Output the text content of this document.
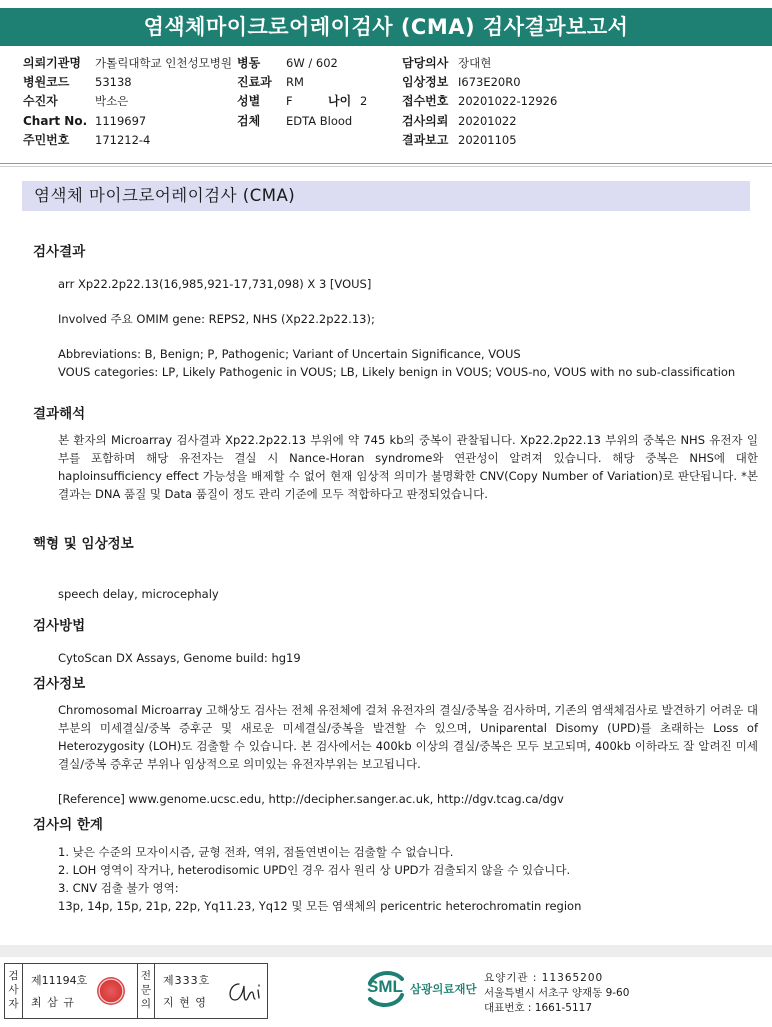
염색체마이크로어레이검사 (CMA) 검사결과보고서
의뢰기관명 가톨릭대학교 인천성모병원
병원코드 53138
수진자	박소은
Chart No. 1119697
주민번호 171212-4
병동 6W / 602
진료과 RM
성별 F	나이 2
검체 EDTA Blood
담당의사 장대현
임상정보 I673E20R0
접수번호 20201022-12926
검사의뢰 20201022
결과보고 20201105
염색체 마이크로어레이검사 (CMA)
검사결과
arr Xp22.2p22.13(16,985,921-17,731,098) X 3 [VOUS]
Involved 주요 OMIM gene: REPS2, NHS (Xp22.2p22.13);
Abbreviations: B, Benign; P, Pathogenic; Variant of Uncertain Significance, VOUS
VOUS categories: LP, Likely Pathogenic in VOUS; LB, Likely benign in VOUS; VOUS-no, VOUS with no sub-classification
결과해석
본 환자의 Microarray 검사결과 Xp22.2p22.13 부위에 약 745 kb의 중복이 관찰됩니다. Xp22.2p22.13 부위의 중복은 NHS 유전자 일부를 포함하며 해당 유전자는 결실 시 Nance-Horan syndrome와 연관성이 알려져 있습니다. 해당 중복은 NHS에 대한 haploinsufficiency effect 가능성을 배제할 수 없어 현재 임상적 의미가 불명확한 CNV(Copy Number of Variation)로 판단됩니다. *본 결과는 DNA 품질 및 Data 품질이 정도 관리 기준에 모두 적합하다고 판정되었습니다.
핵형 및 임상정보
speech delay, microcephaly
검사방법
CytoScan DX Assays, Genome build: hg19
검사정보
Chromosomal Microarray 고해상도 검사는 전체 유전체에 걸쳐 유전자의 결실/중복을 검사하며, 기존의 염색체검사로 발견하기 어려운 대부분의 미세결실/중복 증후군 및 새로운 미세결실/중복을 발견할 수 있으며, Uniparental Disomy (UPD)를 초래하는 Loss of Heterozygosity (LOH)도 검출할 수 있습니다. 본 검사에서는 400kb 이상의 결실/중복은 모두 보고되며, 400kb 이하라도 잘 알려진 미세결실/중복 증후군 부위나 임상적으로 의미있는 유전자부위는 보고됩니다.
[Reference] www.genome.ucsc.edu, http://decipher.sanger.ac.uk, http://dgv.tcag.ca/dgv
검사의 한계
1. 낮은 수준의 모자이시즘, 균형 전좌, 역위, 점돌연변이는 검출할 수 없습니다.
2. LOH 영역이 작거나, heterodisomic UPD인 경우 검사 원리 상 UPD가 검출되지 않을 수 있습니다.
3. CNV 검출 불가 영역:
13p, 14p, 15p, 21p, 22p, Yq11.23, Yq12 및 모든 염색체의 pericentric heterochromatin region
검사자
제11194호
최 삼 규
전문의
제333호
지 현 영
SML 삼광의료재단
요양기관 : 11365200
서울특별시 서초구 양재동 9-60
대표번호 : 1661-5117
